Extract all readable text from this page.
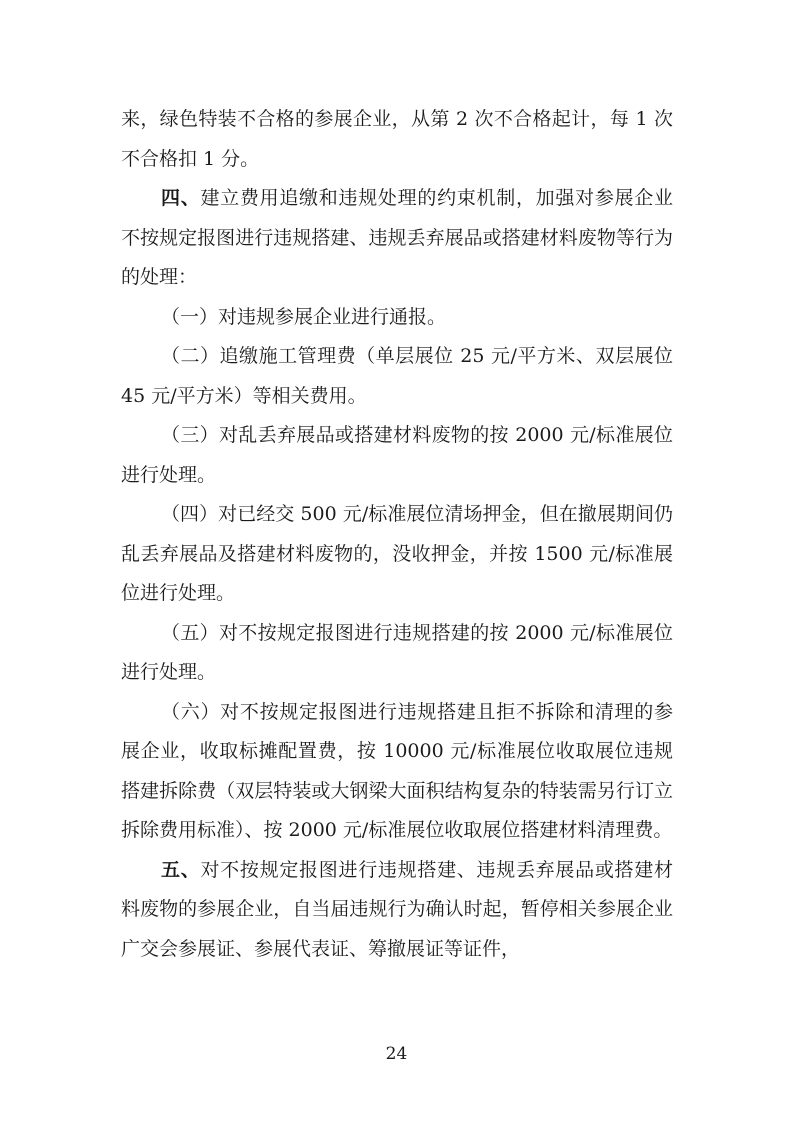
来，绿色特装不合格的参展企业，从第 2 次不合格起计，每 1 次不合格扣 1 分。

四、建立费用追缴和违规处理的约束机制，加强对参展企业不按规定报图进行违规搭建、违规丢弃展品或搭建材料废物等行为的处理：

（一）对违规参展企业进行通报。

（二）追缴施工管理费（单层展位 25 元/平方米、双层展位 45 元/平方米）等相关费用。

（三）对乱丢弃展品或搭建材料废物的按 2000 元/标准展位进行处理。

（四）对已经交 500 元/标准展位清场押金，但在撤展期间仍乱丢弃展品及搭建材料废物的，没收押金，并按 1500 元/标准展位进行处理。

（五）对不按规定报图进行违规搭建的按 2000 元/标准展位进行处理。

（六）对不按规定报图进行违规搭建且拒不拆除和清理的参展企业，收取标摊配置费，按 10000 元/标准展位收取展位违规搭建拆除费（双层特装或大钢梁大面积结构复杂的特装需另行订立拆除费用标准）、按 2000 元/标准展位收取展位搭建材料清理费。

五、对不按规定报图进行违规搭建、违规丢弃展品或搭建材料废物的参展企业，自当届违规行为确认时起，暂停相关参展企业广交会参展证、参展代表证、筹撤展证等证件，

24
